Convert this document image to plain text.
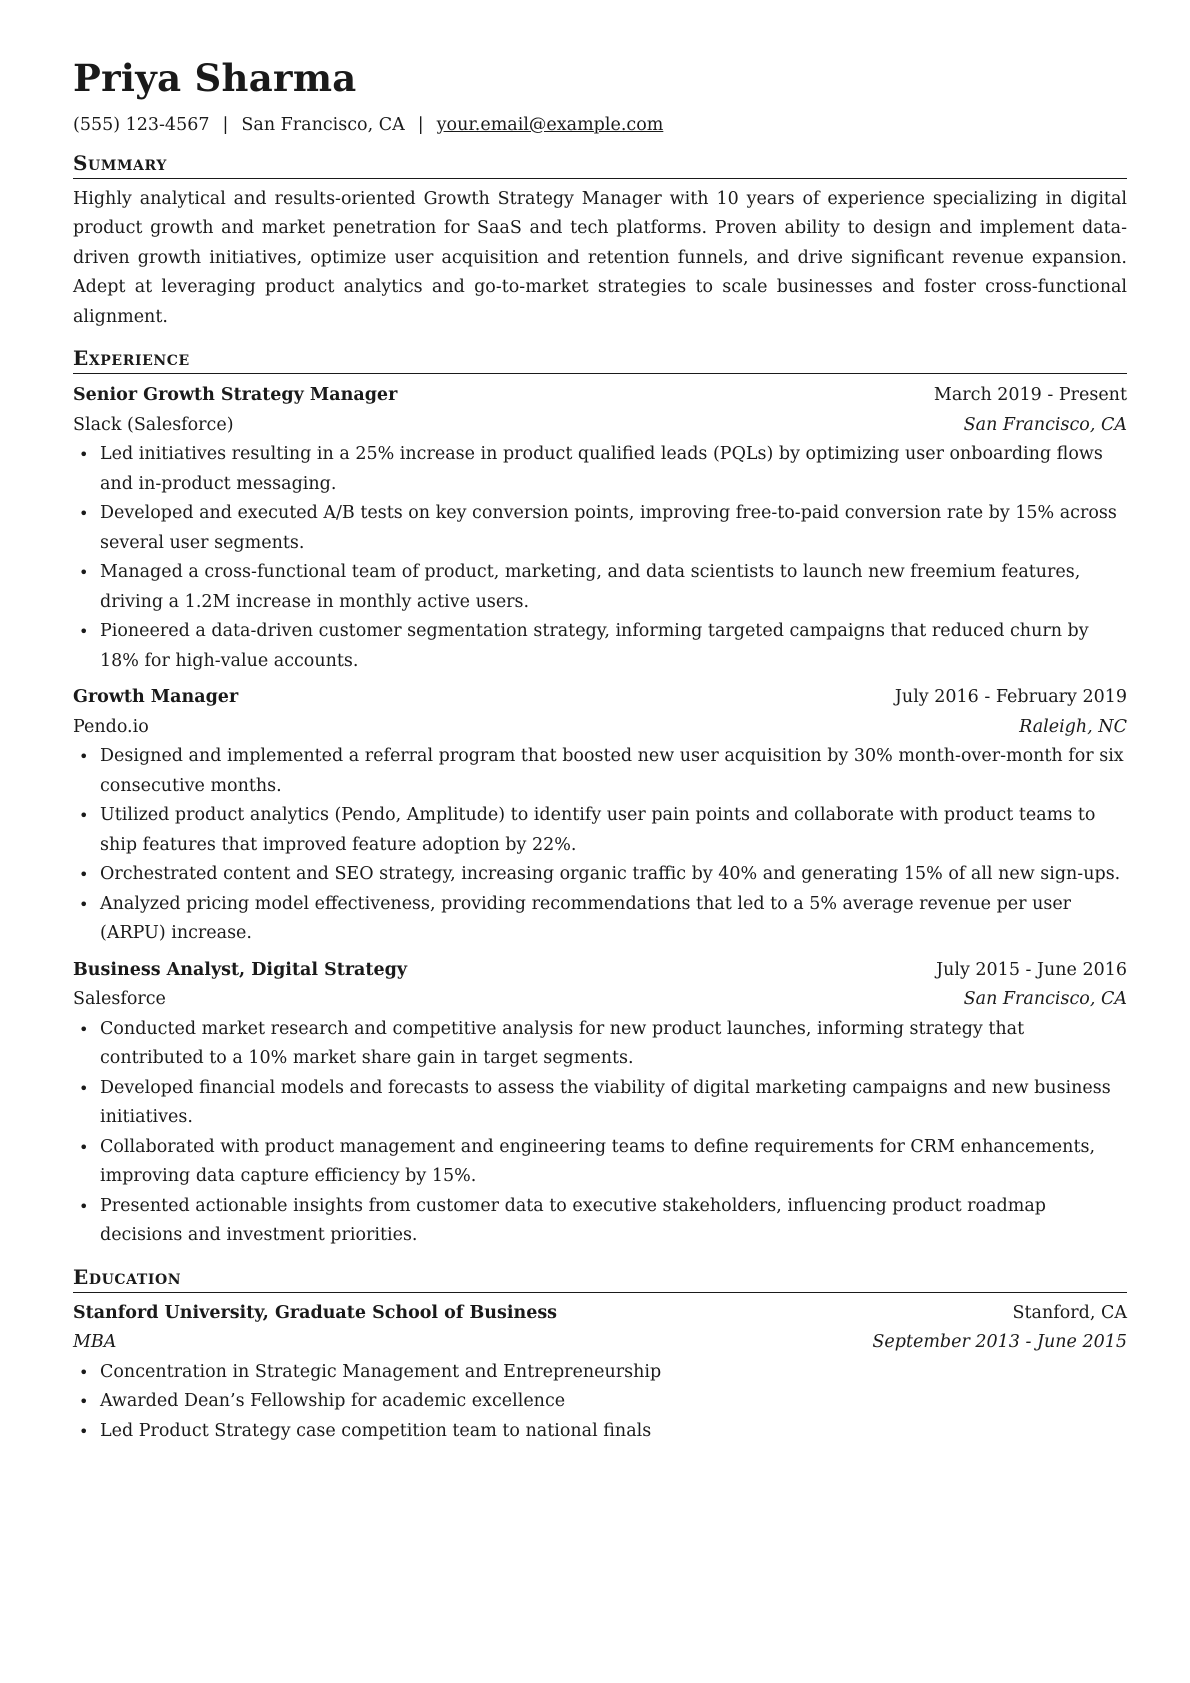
Priya Sharma
(555) 123-4567 | San Francisco, CA | your.email@example.com
Summary

Highly analytical and results-oriented Growth Strategy Manager with 10 years of experience specializing in digital product growth and market penetration for SaaS and tech platforms. Proven ability to design and implement data-driven growth initiatives, optimize user acquisition and retention funnels, and drive significant revenue expansion. Adept at leveraging product analytics and go-to-market strategies to scale businesses and foster cross-functional alignment.

Experience
Senior Growth Strategy Manager	March 2019 - Present
Slack (Salesforce)	San Francisco, CA
• Led initiatives resulting in a 25% increase in product qualified leads (PQLs) by optimizing user onboarding flows and in-product messaging.
• Developed and executed A/B tests on key conversion points, improving free-to-paid conversion rate by 15% across several user segments.
• Managed a cross-functional team of product, marketing, and data scientists to launch new freemium features, driving a 1.2M increase in monthly active users.
• Pioneered a data-driven customer segmentation strategy, informing targeted campaigns that reduced churn by 18% for high-value accounts.
Growth Manager	July 2016 - February 2019
Pendo.io	Raleigh, NC
• Designed and implemented a referral program that boosted new user acquisition by 30% month-over-month for six consecutive months.
• Utilized product analytics (Pendo, Amplitude) to identify user pain points and collaborate with product teams to ship features that improved feature adoption by 22%.
• Orchestrated content and SEO strategy, increasing organic traffic by 40% and generating 15% of all new sign-ups.
• Analyzed pricing model effectiveness, providing recommendations that led to a 5% average revenue per user (ARPU) increase.
Business Analyst, Digital Strategy	July 2015 - June 2016
Salesforce	San Francisco, CA
• Conducted market research and competitive analysis for new product launches, informing strategy that contributed to a 10% market share gain in target segments.
• Developed financial models and forecasts to assess the viability of digital marketing campaigns and new business initiatives.
• Collaborated with product management and engineering teams to define requirements for CRM enhancements, improving data capture efficiency by 15%.
• Presented actionable insights from customer data to executive stakeholders, influencing product roadmap decisions and investment priorities.
Education
Stanford University, Graduate School of Business	Stanford, CA
MBA	September 2013 - June 2015
• Concentration in Strategic Management and Entrepreneurship
• Awarded Dean’s Fellowship for academic excellence
• Led Product Strategy case competition team to national finals
